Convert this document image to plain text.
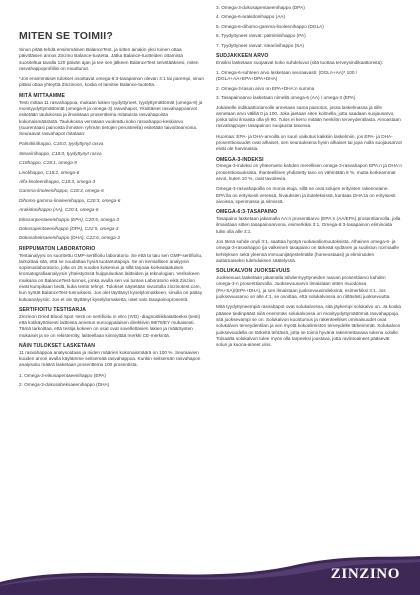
MITEN SE TOIMII?
Sinun pitää tehdä ensimmäinen BalanceTest, ja sitten ainakin yksi toinen ottaa päivittäisen annos Zinzino Balance-tuotetta. Jatka Balance-tuotteiden ottamista suositeltua tavalla 120 päivän ajan ja tee sen jälkeen BalanceTest selvittääksesi, miten rasvahappoprofiilisi on muuttunut.
*Jos ensimmäiset tulokset osoittavat omega-6:3-tasapainon olevan 3:1 tai parempi, sinun pitäisi ottaa yhteyttä Zinzinoon, koska et tarvitse Balance-tuotetta.
MITÄ MITTAAMME
Testi mittaa 11 rasvahappoa, mukaan lukien tyydyttyneet, tyydyttymättömät (omega-9) ja monityydyttymättömät (omega-6 ja omega-3) rasvahapot. Yksittäiset rasvahappoarvot esitetään taulukossa ja ilmaistaan prosentteina mitatuista rasvahapoista kokonaismäärästä. Taulukossa verrataan vuokrattu koko rasvahappo-keskiarvo (suurentaasi painoista ihmisten ryhmän tietojen perusteella) esitetään taivoittearvoina. Seuraavat rasvahapot mitataan:
Palmitiinihappo, C16:0, tyydyttynyt rasva
Steariinihappo, C18:0, tyydyttynyt rasva
C18happo, C18:1, omega-9
Linolihappo, C18:2, omega-6
Alfa-linoleenihappo, C18:3, omega-3
Gamma-linoleenihappo, C18:3, omega-6
Dihomo-gamma-linoleenihappo, C20:3, omega-6
Arakidonihappo (AA), C20:4, omega-6
Eikosanpentaeenihappo (EPA), C20:5, omega-3
Dokosapentaeenihappo (DPA), C22:5, omega-3
Dokosaheksaeenihappo (DHA), C22:6, omega-3
RIIPPUMATON LABORATORIO
Testianalyysi on suoritettu GMP-sertifioitu laboratorio. Se että ta taiu sen GMP-sertifioitu, tarkoittaa sitä, että se noudattaa hyviä tuotantotapoja. Se on kemiallisen analyysin sopimuslaboratorio, jolla on 25 vuoden kokemus ja sillä tarjoaa korkealaatuisen kromatografiaanalyysin yhteistyössä huippuluokan laitteiden ja teknologian. Verikokeen muikana on BalanceTest-tunnus, jonka avulla sen voi tuntea Laboratorio eikä Zinzino eivät kumpikaan tiedä, kuka testin tehnyt. Tulokset näytetään sivustolla zinzinotest.com, kun syötät BalanceTest-tunnuksesi. Jos olet täyttänyt kyselylomakkeen, sinulla on pääsy kokoanalyysiin. Jos et ole täyttänyt kyselylomaketta, näet vain tasapainoprosentit.
SERTIFIOITU TESTISARJA
Zinzinon Dried Blood Spot -testi on sertifioitu in vitro (IVD) -diagnostiikkalaitteeksi (testi) että kotikäyttöisesti laitteista annetun eurooppalaisen direktiivin 98/79/EY mukaisesti. Tämä tarkoittaa, että testija kokeen on osat ovat sovellettavien lakien ja määräysten mukaiset ja se on rekisteröity, laitteellaan kiinniyttää merkki CE-merkintä.
NÄIN TULOKSET LASKETAAN
11 rasvahappoa analysoidaan ja niiden määrien kokonaismäärä on 100 %. Seuraavien kuuden arvon avulla käytämme seitsemää rasvahappoa. Kunkin seitsemän rasvahapon analysoitu määrä lasketaan prosentteina 100 prosentista.
1. Omega-3-eikosapentaeenihappo (EPA)
2. Omega-3-dokosaheksaeenihappo (DHA)
3. Omega-3-dokosapentaeenihappo (DPA)
4. Omega-6-arakidonihappo (AA)
5. Omega-6-dihomo-gamma-linoleenihappo (DGLA)
6. Tyydyttyneet rasvat: palmitiinihappo (PA)
7. Tyydyttyneet rasvat: steariinihappo (SA)
SUDJAKKEEN ARVO
Ensiksi lasketaan suojaavat koko suhdeluvut (sitä tuottaa terveysindikaattoreita):
1. Omega-6-suhteen arvo lasketaan seuraavasti: (DGLA+AA)* 100 / (DGLA+AA+EPA+DPA+DHA)
2. Omega-3-tason arvo on EPA+DHA:n summa
3. Tasapainoarvo lasketaan nimellä omega-6 (AA) / omega-3 (EPA)
Jokaiselle indikaattoriarvolle annetaan sama painotus, jossa laskelmassa ja sille annetaan arvo välillä 0 ja 100. Joka jaetaan siten kolmella, jotta saadaan suojausarvo, jonka tulisi ilmaista olla yli 90. Tulos ei kerro mitään henkilön terveydentilasta. Ainoastaan rasvahappojen tasapainon suojausta tasonsa.
Huomaa: EPA- ja DHA-arvoilla on suuri vaikutus kaikkiin laskelmiin, jos EPA- ja DHA-prosenttiosuudet ovat alhaiset, sen seurauksena hyvin alhaiset tai jopa nolla suojausarvot eivät ole harvinaisia.
OMEGA-3-INDEKSI
Omega-3-indeksi on yhteenveto kahden merellisen omega-3-rasvahapon EPA:n ja DHA:n prosenttiosuuksista. Ihanteellinen yhdistetty taso on vähintään 8 %, mutta korkeammat arvot, kuten 10 %, ovat tavoitevia.
Omega-3-rasvahapoilla on monia etuja, sillä ne ovat solujen erityisten rakenneaine. EPA:lla on erityisesti veressä, hivauksien ja ituteleksissä, kuntaas DHA:ta on erityisesti aivoissa, sperimassa ja silmissä.
OMEGA-6:3-TASAPAINO
Tasapaino lasketaan jakamalla AA:n prosenttiarvo (EPA:n (AA/EPA) prosenttiarvolla, jolla ilmaistaan sitten tasapainoarvona, esimerkiksi 3:1. Omega-6:3-tasapainon eliminoida tulisi olla alle 3:1.
Jos tämä suhde onyli 3:1, saattaa hyötyä ruokavaliomuutoksista. Alhainen omega-6- ja omega-3-rasvahappo (ja valkeinen tasapaino on tärkeää sydänen ja suoliston normaalle kehityksen sekä yleensä immuunijärjestelmälle (homeostaasi) ja eliminoiden auttamaiseksi tulehduksen säätelyssä.
SOLUKALVON JUOKSEVUUS
Juoksevuus lasketaan jakamalla tahdennyyttyneiden rasvan prosenttiarvo kahden omega-3-n prosenttiarvolla. Juoksevuusarvo ilmaistaan sitten muodossa (PA+SA)/(EPA+DHA), ja sen ilmaistaan juoksevuusindeksinä, esimerkiksi 3:1. Jos juoksevuusarvo on alle 4:1, se osoittaa, että solukalvossa on riittävästi juoksevuutta.
Mitä tyydyttyneempiä rasvahapot ovat solukalvossa, sitä jäykempi solukalvo on. Ja koska pääsee tiedinpääst niilä enemmän solukalvossa on monityydyttymättömiä rasvahappoja, sitä juoksevampi se on. Solukalvon koostumus ja rakenteelliset ominaisuudet ovat solukalvon terveydentilan ja sen myötä kokoelimistön terveydelle tärkeimmät. Solukalvon juoksevuudella on tärkeitä tehtäviä, jotta se toimii hyvänä rakennettavana tukena solulle. Toisaalta solukalvon tulee myös olla tarpeeksi joustava, jotta ravintoaineet pääsevät solun ja kuona-aineet ulos.
ZINZINO
